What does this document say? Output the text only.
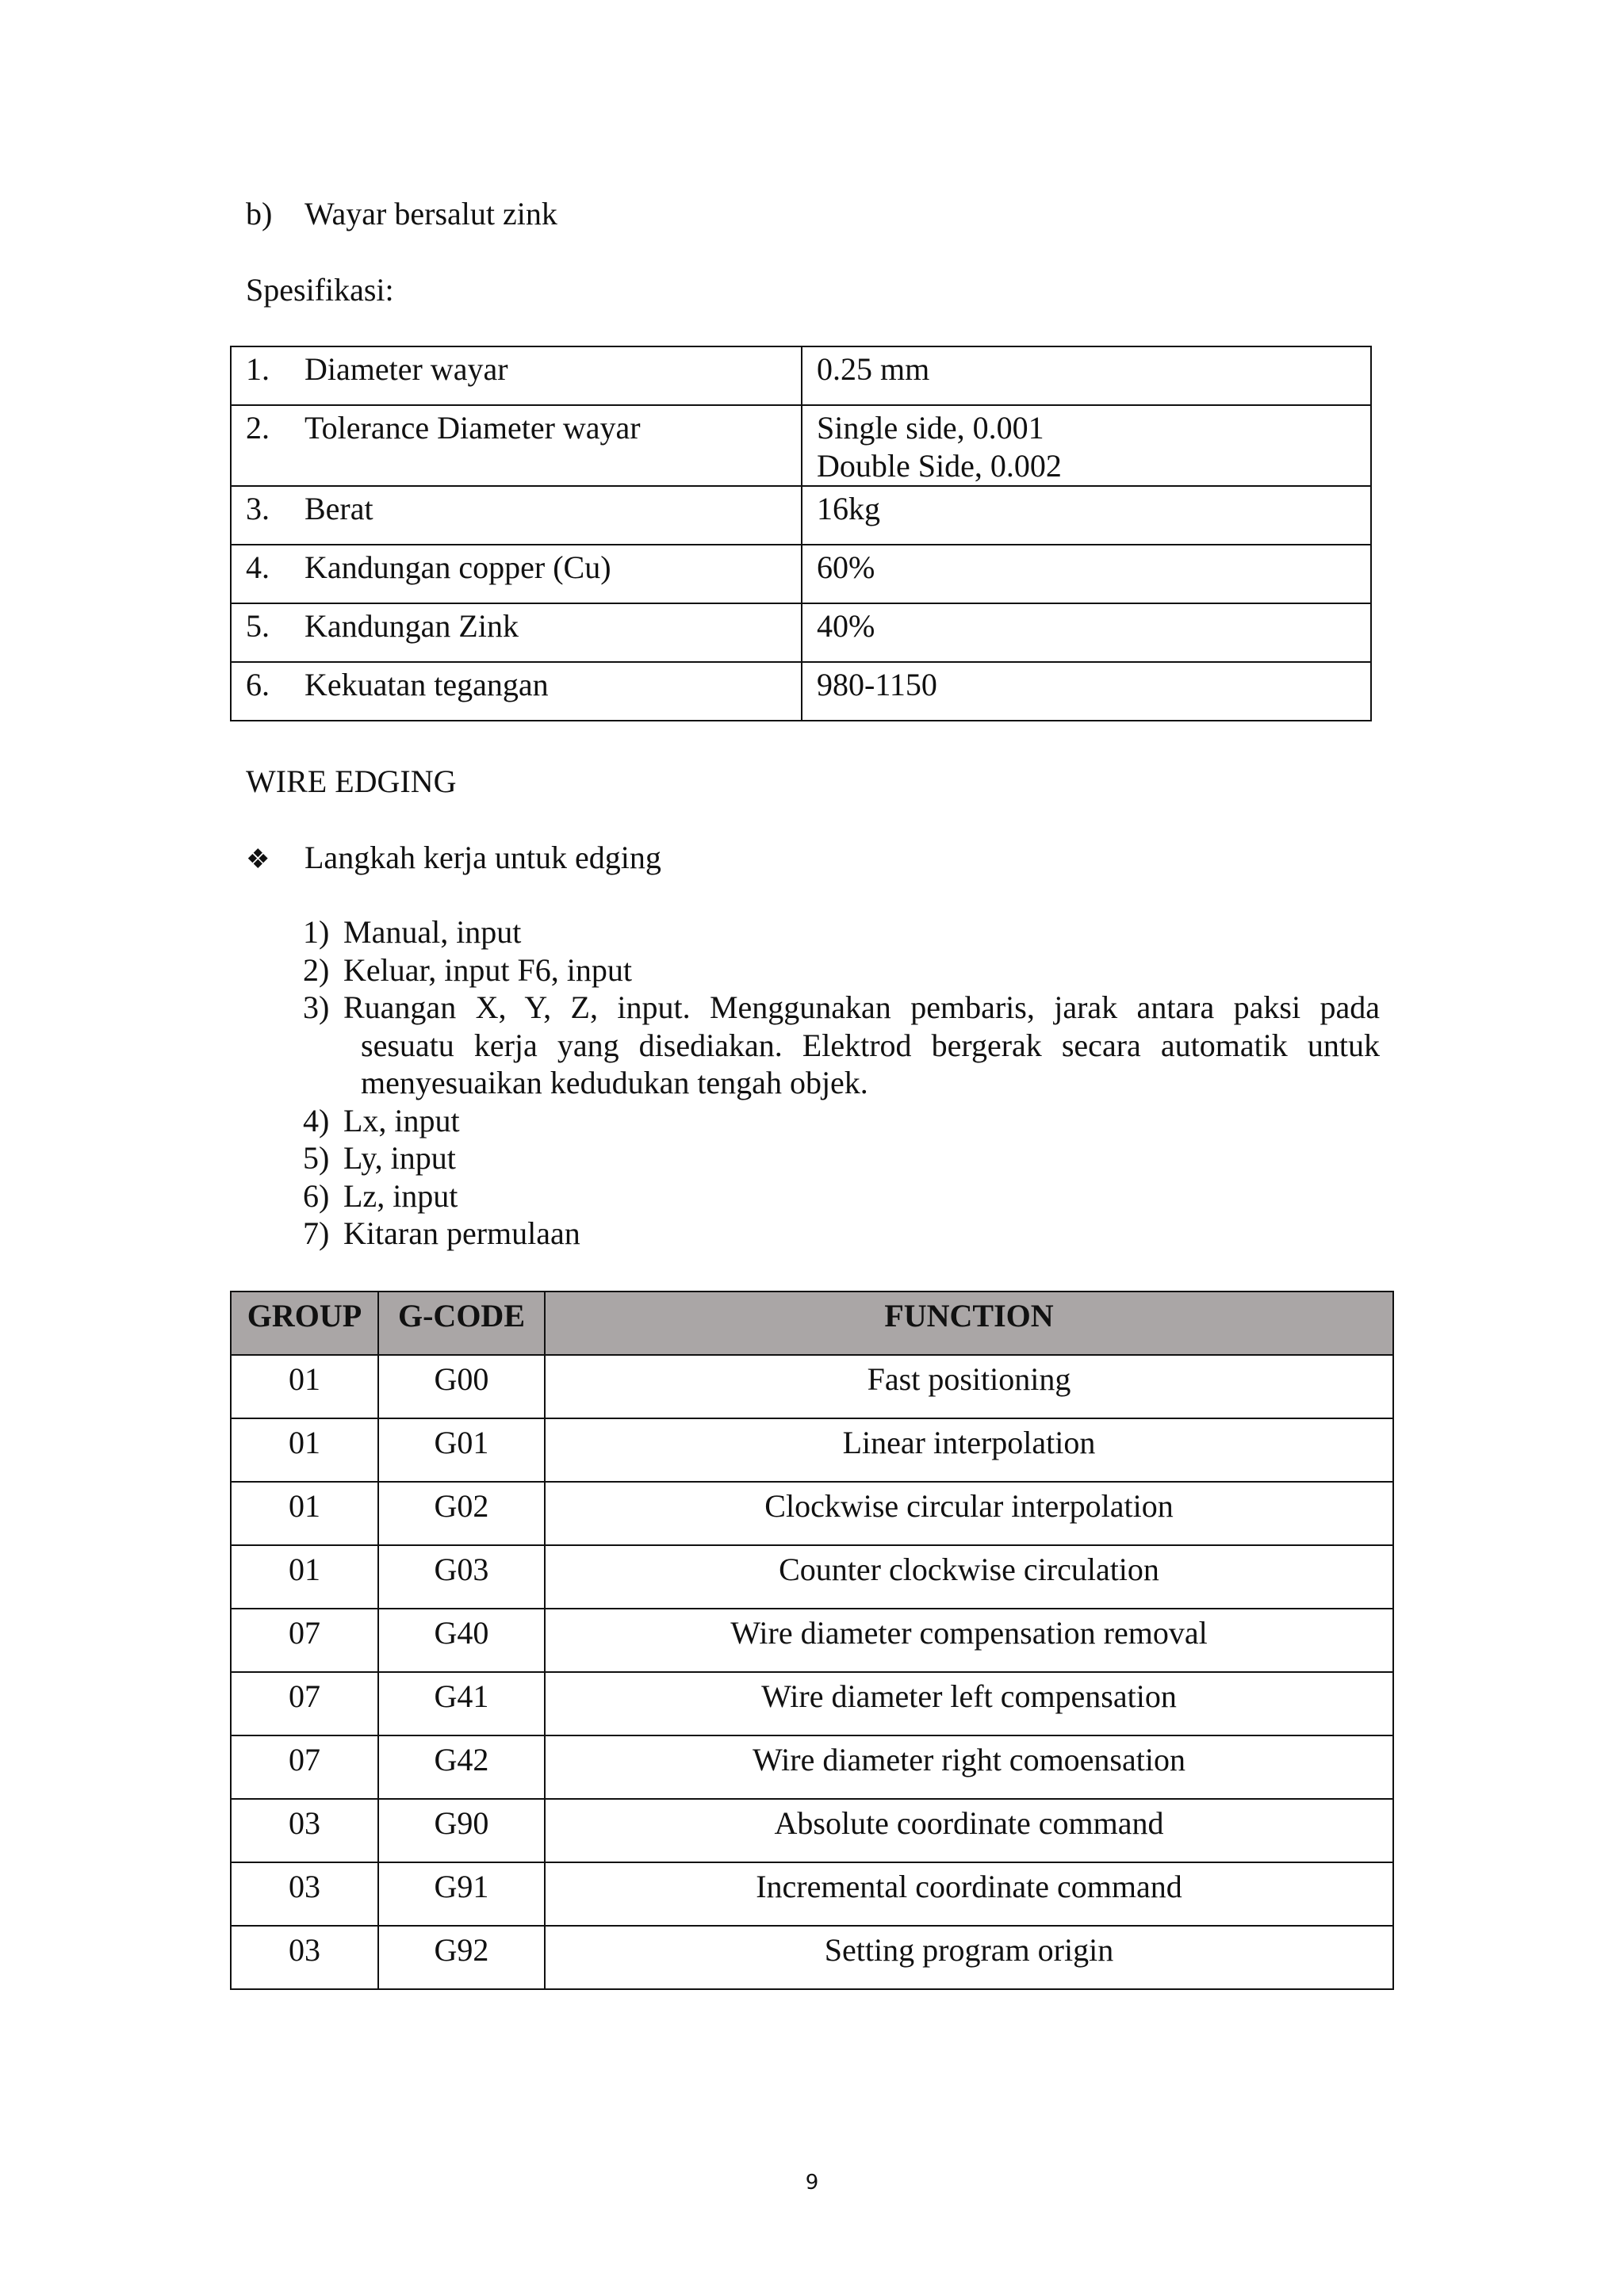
b) Wayar bersalut zink
Spesifikasi:
1. Diameter wayar	0.25 mm

2. Tolerance Diameter wayar	Single side, 0.001
Double Side, 0.002

3. Berat	16kg

4. Kandungan copper (Cu)	60%

5. Kandungan Zink	40%

6. Kekuatan tegangan	980-1150
WIRE EDGING
❖ Langkah kerja untuk edging
1) Manual, input
2) Keluar, input F6, input
3) Ruangan X, Y, Z, input. Menggunakan pembaris, jarak antara paksi pada
sesuatu kerja yang disediakan. Elektrod bergerak secara automatik untuk
menyesuaikan kedudukan tengah objek.
4) Lx, input
5) Ly, input
6) Lz, input
7) Kitaran permulaan
GROUP	G-CODE	FUNCTION
01	G00	Fast positioning
01	G01	Linear interpolation
01	G02	Clockwise circular interpolation
01	G03	Counter clockwise circulation
07	G40	Wire diameter compensation removal
07	G41	Wire diameter left compensation
07	G42	Wire diameter right comoensation
03	G90	Absolute coordinate command
03	G91	Incremental coordinate command
03	G92	Setting program origin
9
